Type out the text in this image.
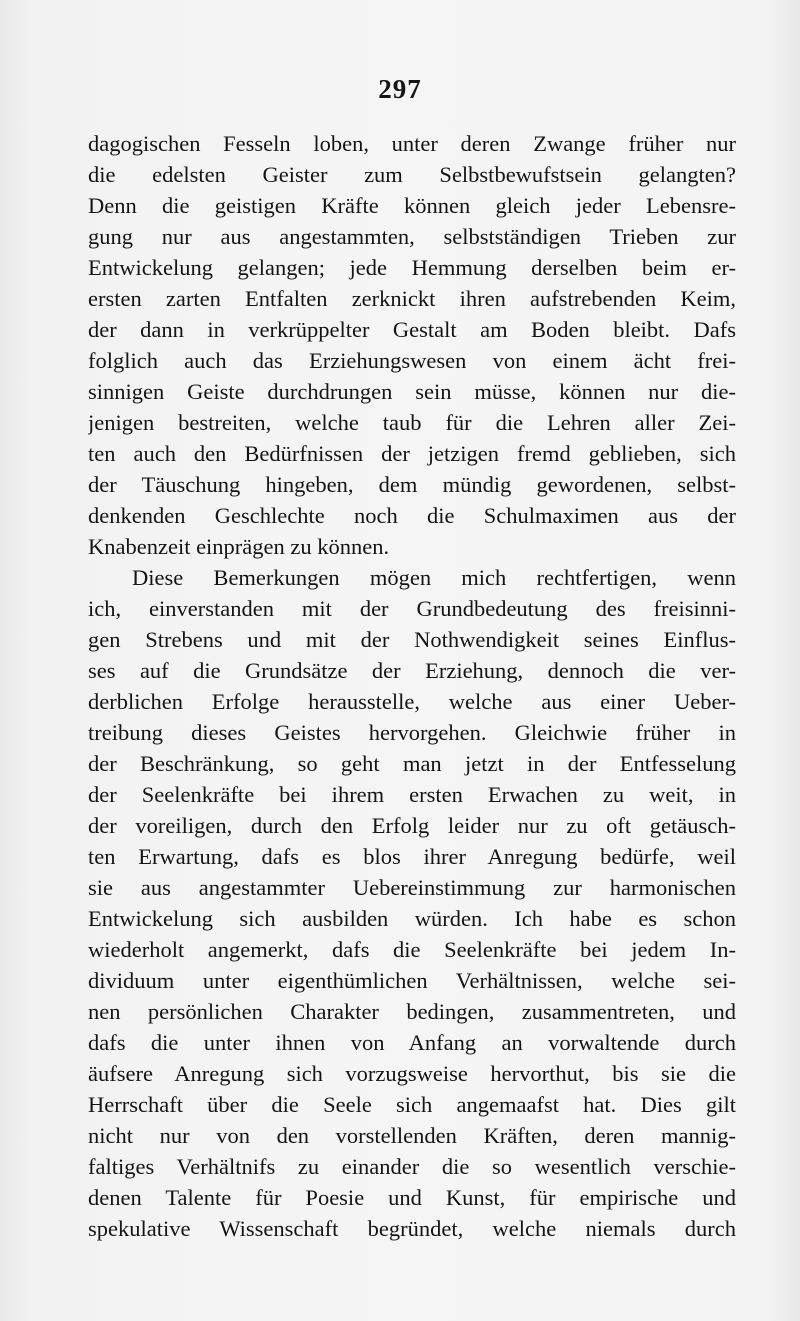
297
dagogischen Fesseln loben, unter deren Zwange früher nur
die edelsten Geister zum Selbstbewufstsein gelangten?
Denn die geistigen Kräfte können gleich jeder Lebensre-
gung nur aus angestammten, selbstständigen Trieben zur
Entwickelung gelangen; jede Hemmung derselben beim er-
ersten zarten Entfalten zerknickt ihren aufstrebenden Keim,
der dann in verkrüppelter Gestalt am Boden bleibt. Dafs
folglich auch das Erziehungswesen von einem ächt frei-
sinnigen Geiste durchdrungen sein müsse, können nur die-
jenigen bestreiten, welche taub für die Lehren aller Zei-
ten auch den Bedürfnissen der jetzigen fremd geblieben, sich
der Täuschung hingeben, dem mündig gewordenen, selbst-
denkenden Geschlechte noch die Schulmaximen aus der
Knabenzeit einprägen zu können.
Diese Bemerkungen mögen mich rechtfertigen, wenn
ich, einverstanden mit der Grundbedeutung des freisinni-
gen Strebens und mit der Nothwendigkeit seines Einflus-
ses auf die Grundsätze der Erziehung, dennoch die ver-
derblichen Erfolge herausstelle, welche aus einer Ueber-
treibung dieses Geistes hervorgehen. Gleichwie früher in
der Beschränkung, so geht man jetzt in der Entfesselung
der Seelenkräfte bei ihrem ersten Erwachen zu weit, in
der voreiligen, durch den Erfolg leider nur zu oft getäusch-
ten Erwartung, dafs es blos ihrer Anregung bedürfe, weil
sie aus angestammter Uebereinstimmung zur harmonischen
Entwickelung sich ausbilden würden. Ich habe es schon
wiederholt angemerkt, dafs die Seelenkräfte bei jedem In-
dividuum unter eigenthümlichen Verhältnissen, welche sei-
nen persönlichen Charakter bedingen, zusammentreten, und
dafs die unter ihnen von Anfang an vorwaltende durch
äufsere Anregung sich vorzugsweise hervorthut, bis sie die
Herrschaft über die Seele sich angemaafst hat. Dies gilt
nicht nur von den vorstellenden Kräften, deren mannig-
faltiges Verhältnifs zu einander die so wesentlich verschie-
denen Talente für Poesie und Kunst, für empirische und
spekulative Wissenschaft begründet, welche niemals durch
